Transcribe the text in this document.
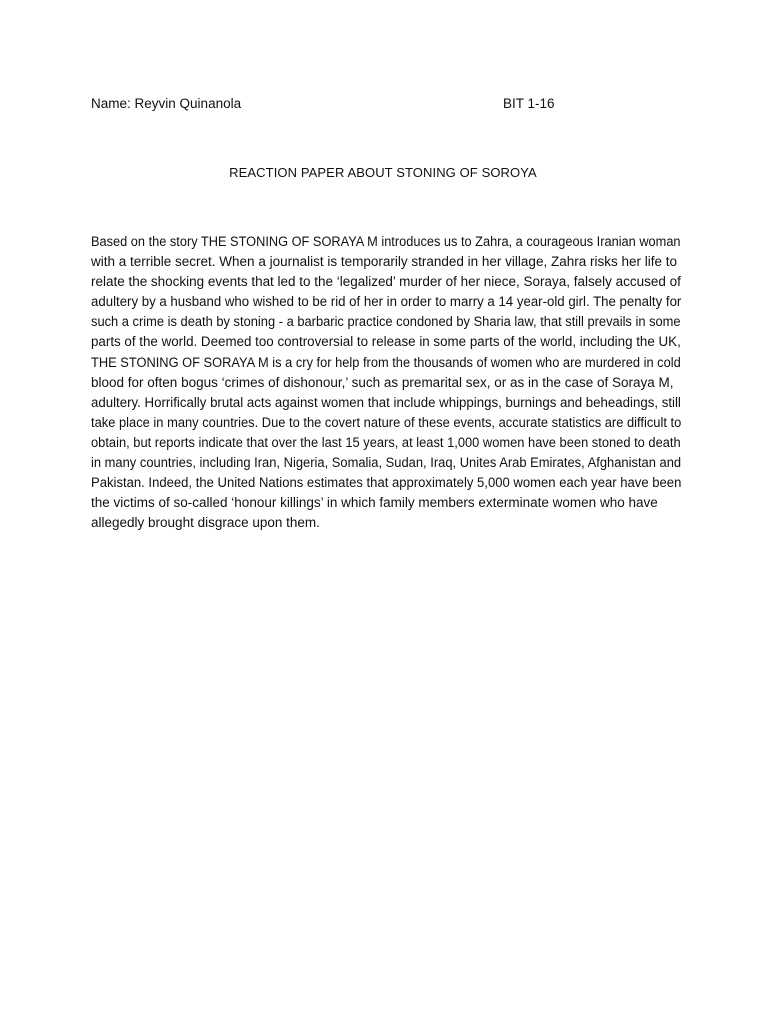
Name: Reyvin Quinanola	BIT 1-16
REACTION PAPER ABOUT STONING OF SOROYA
Based on the story THE STONING OF SORAYA M introduces us to Zahra, a courageous Iranian woman
with a terrible secret. When a journalist is temporarily stranded in her village, Zahra risks her life to
relate the shocking events that led to the ‘legalized’ murder of her niece, Soraya, falsely accused of
adultery by a husband who wished to be rid of her in order to marry a 14 year-old girl. The penalty for
such a crime is death by stoning - a barbaric practice condoned by Sharia law, that still prevails in some
parts of the world. Deemed too controversial to release in some parts of the world, including the UK,
THE STONING OF SORAYA M is a cry for help from the thousands of women who are murdered in cold
blood for often bogus ‘crimes of dishonour,’ such as premarital sex, or as in the case of Soraya M,
adultery. Horrifically brutal acts against women that include whippings, burnings and beheadings, still
take place in many countries. Due to the covert nature of these events, accurate statistics are difficult to
obtain, but reports indicate that over the last 15 years, at least 1,000 women have been stoned to death
in many countries, including Iran, Nigeria, Somalia, Sudan, Iraq, Unites Arab Emirates, Afghanistan and
Pakistan. Indeed, the United Nations estimates that approximately 5,000 women each year have been
the victims of so-called ‘honour killings’ in which family members exterminate women who have
allegedly brought disgrace upon them.
